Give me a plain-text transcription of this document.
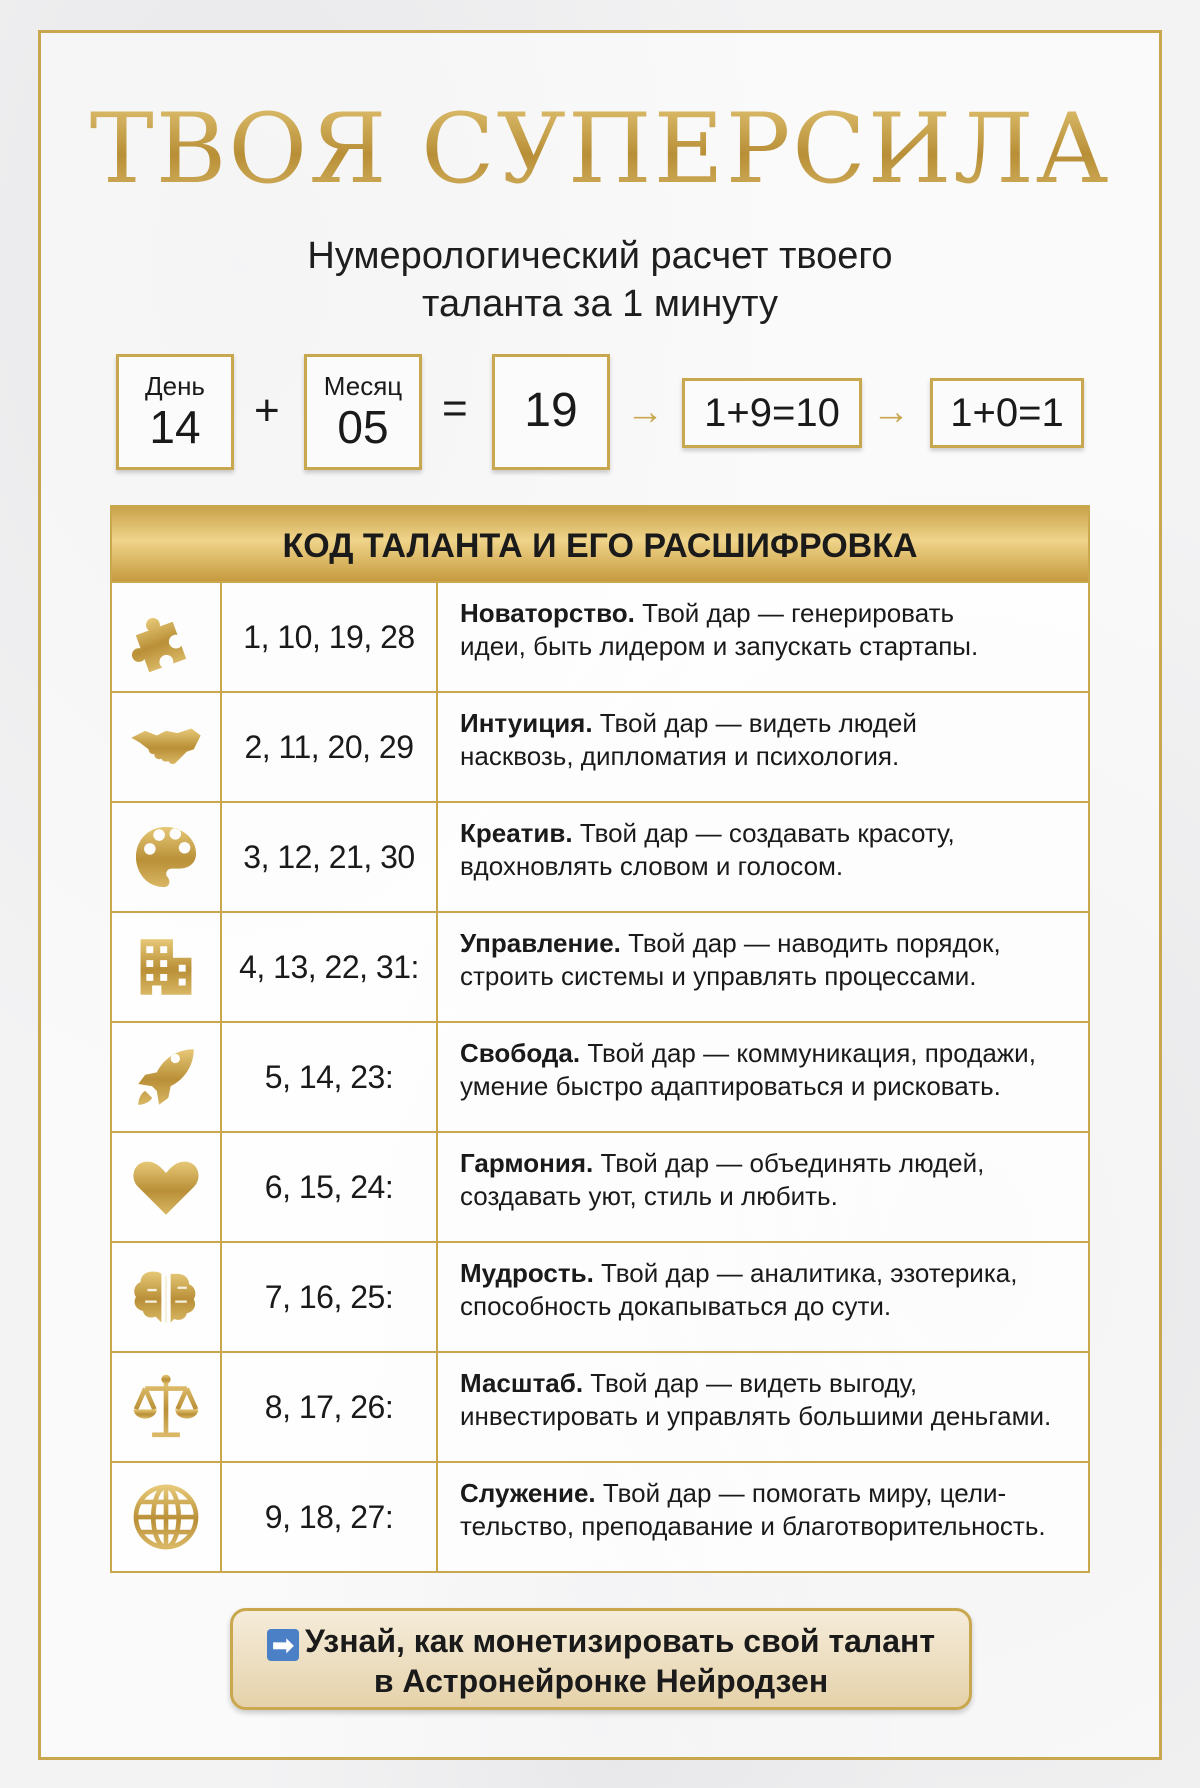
ТВОЯ СУПЕРСИЛА
Нумерологический расчет твоего
таланта за 1 минуту
День
14	+	Месяц
05	=	19	→	1+9=10 →	1+0=1
КОД ТАЛАНТА И ЕГО РАСШИФРОВКА
1, 10, 19, 28
Новаторство. Твой дар — генерировать
идеи, быть лидером и запускать стартапы.
2, 11, 20, 29
Интуиция. Твой дар — видеть людей
насквозь, дипломатия и психология.
3, 12, 21, 30
Креатив. Твой дар — создавать красоту,
вдохновлять словом и голосом.
4, 13, 22, 31:
Управление. Твой дар — наводить порядок,
строить системы и управлять процессами.
5, 14, 23:
Свобода. Твой дар — коммуникация, продажи,
умение быстро адаптироваться и рисковать.
6, 15, 24:
Гармония. Твой дар — объединять людей,
создавать уют, стиль и любить.
7, 16, 25:
Мудрость. Твой дар — аналитика, эзотерика,
способность докапываться до сути.
8, 17, 26:
Масштаб. Твой дар — видеть выгоду,
инвестировать и управлять большими деньгами.
9, 18, 27:
Служение. Твой дар — помогать миру, цели-
тельство, преподавание и благотворительность.
➡ Узнай, как монетизировать свой талант
в Астронейронке Нейродзен
